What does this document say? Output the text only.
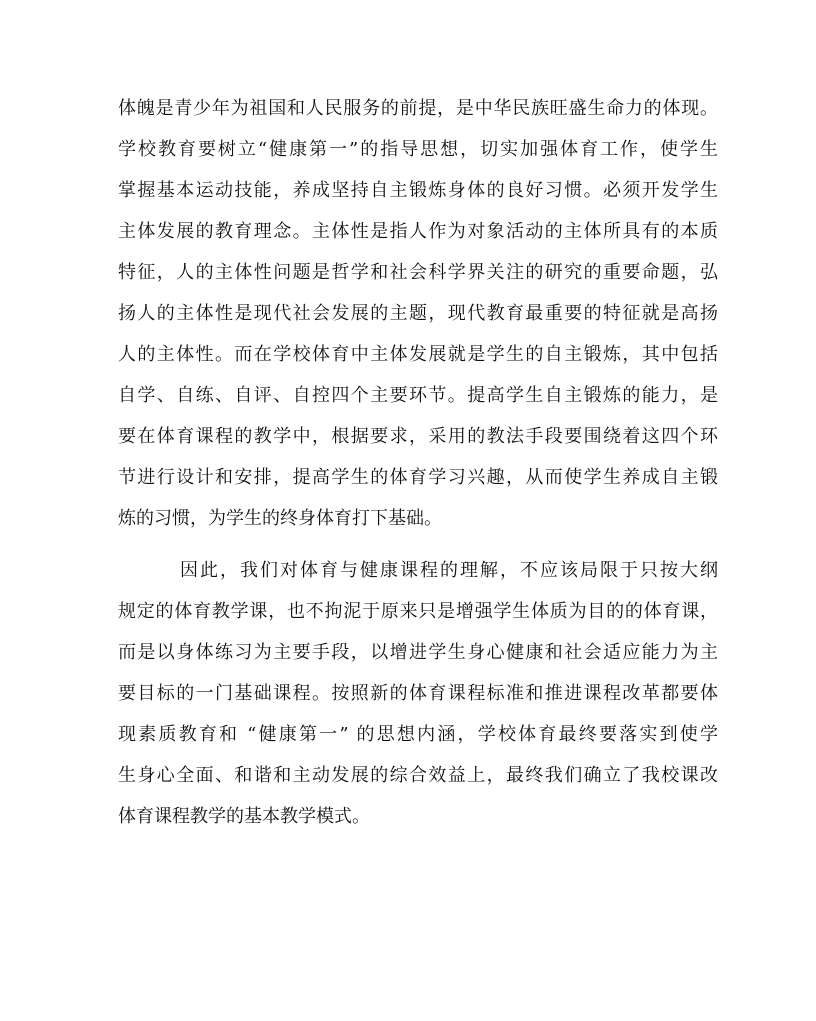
体魄是青少年为祖国和人民服务的前提，是中华民族旺盛生命力的体现。
学校教育要树立“健康第一”的指导思想，切实加强体育工作，使学生
掌握基本运动技能，养成坚持自主锻炼身体的良好习惯。必须开发学生
主体发展的教育理念。主体性是指人作为对象活动的主体所具有的本质
特征，人的主体性问题是哲学和社会科学界关注的研究的重要命题，弘
扬人的主体性是现代社会发展的主题，现代教育最重要的特征就是高扬
人的主体性。而在学校体育中主体发展就是学生的自主锻炼，其中包括
自学、自练、自评、自控四个主要环节。提高学生自主锻炼的能力，是
要在体育课程的教学中，根据要求，采用的教法手段要围绕着这四个环
节进行设计和安排，提高学生的体育学习兴趣，从而使学生养成自主锻
炼的习惯，为学生的终身体育打下基础。
因此，我们对体育与健康课程的理解，不应该局限于只按大纲
规定的体育教学课，也不拘泥于原来只是增强学生体质为目的的体育课，
而是以身体练习为主要手段，以增进学生身心健康和社会适应能力为主
要目标的一门基础课程。按照新的体育课程标准和推进课程改革都要体
现素质教育和 “健康第一” 的思想内涵，学校体育最终要落实到使学
生身心全面、和谐和主动发展的综合效益上，最终我们确立了我校课改
体育课程教学的基本教学模式。
